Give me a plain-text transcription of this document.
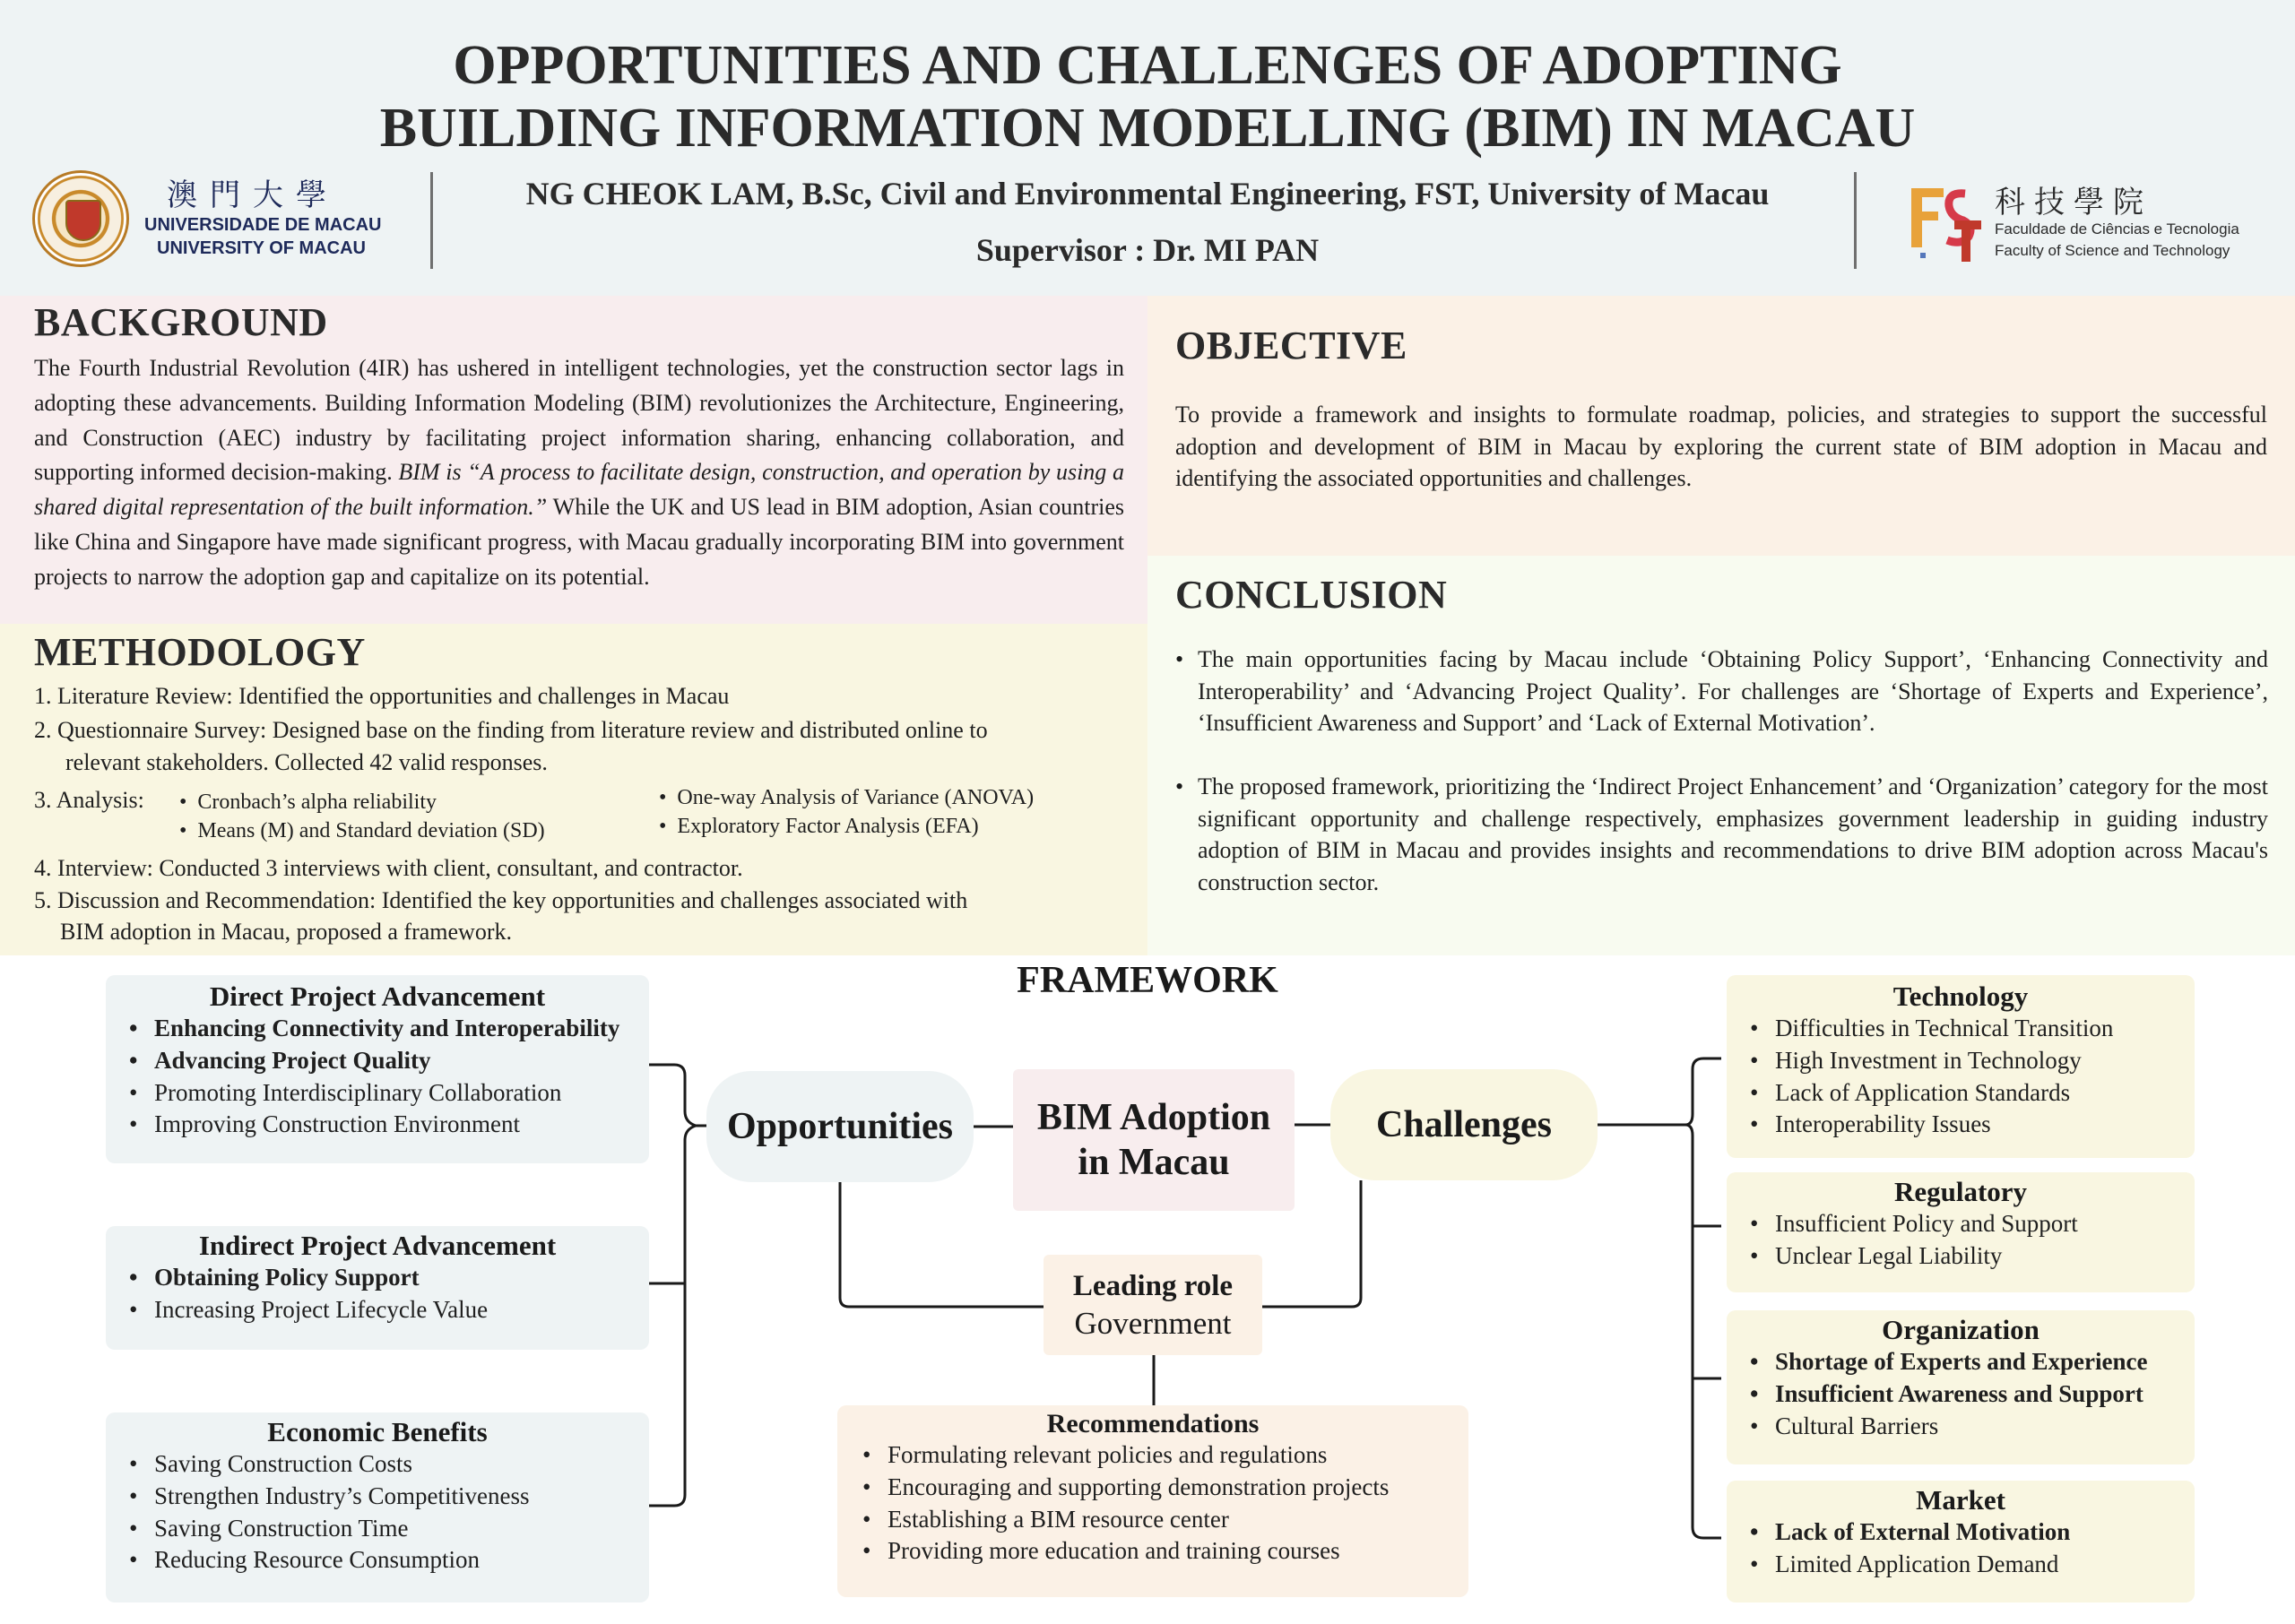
OPPORTUNITIES AND CHALLENGES OF ADOPTING
BUILDING INFORMATION MODELLING (BIM) IN MACAU
NG CHEOK LAM, B.Sc, Civil and Environmental Engineering, FST, University of Macau
Supervisor : Dr. MI PAN
澳門大學
UNIVERSIDADE DE MACAU
UNIVERSITY OF MACAU
科技學院
Faculdade de Ciências e Tecnologia
Faculty of Science and Technology
BACKGROUND
The Fourth Industrial Revolution (4IR) has ushered in intelligent technologies, yet the construction sector lags in adopting these advancements. Building Information Modeling (BIM) revolutionizes the Architecture, Engineering, and Construction (AEC) industry by facilitating project information sharing, enhancing collaboration, and supporting informed decision-making. BIM is “A process to facilitate design, construction, and operation by using a shared digital representation of the built information.” While the UK and US lead in BIM adoption, Asian countries like China and Singapore have made significant progress, with Macau gradually incorporating BIM into government projects to narrow the adoption gap and capitalize on its potential.
METHODOLOGY
1. Literature Review: Identified the opportunities and challenges in Macau
2. Questionnaire Survey: Designed base on the finding from literature review and distributed online to
relevant stakeholders. Collected 42 valid responses.
3. Analysis: •  Cronbach’s alpha reliability
•  Means (M) and Standard deviation (SD)
•  One-way Analysis of Variance (ANOVA)
•  Exploratory Factor Analysis (EFA)
4. Interview: Conducted 3 interviews with client, consultant, and contractor.
5. Discussion and Recommendation: Identified the key opportunities and challenges associated with
BIM adoption in Macau, proposed a framework.
OBJECTIVE
To provide a framework and insights to formulate roadmap, policies, and strategies to support the successful adoption and development of BIM in Macau by exploring the current state of BIM adoption in Macau and identifying the associated opportunities and challenges.
CONCLUSION
• The main opportunities facing by Macau include ‘Obtaining Policy Support’, ‘Enhancing Connectivity and Interoperability’ and ‘Advancing Project Quality’. For challenges are ‘Shortage of Experts and Experience’, ‘Insufficient Awareness and Support’ and ‘Lack of External Motivation’.
• The proposed framework, prioritizing the ‘Indirect Project Enhancement’ and ‘Organization’ category for the most significant opportunity and challenge respectively, emphasizes government leadership in guiding industry adoption of BIM in Macau and provides insights and recommendations to drive BIM adoption across Macau's construction sector.
FRAMEWORK
Direct Project Advancement
• Enhancing Connectivity and Interoperability
• Advancing Project Quality
• Promoting Interdisciplinary Collaboration
• Improving Construction Environment
Indirect Project Advancement
• Obtaining Policy Support
• Increasing Project Lifecycle Value
Economic Benefits
• Saving Construction Costs
• Strengthen Industry’s Competitiveness
• Saving Construction Time
• Reducing Resource Consumption
Opportunities	BIM Adoption
in Macau
Challenges
Leading role
Government
Recommendations
• Formulating relevant policies and regulations
• Encouraging and supporting demonstration projects
• Establishing a BIM resource center
• Providing more education and training courses
Technology
• Difficulties in Technical Transition
• High Investment in Technology
• Lack of Application Standards
• Interoperability Issues
Regulatory
• Insufficient Policy and Support
• Unclear Legal Liability
Organization
• Shortage of Experts and Experience
• Insufficient Awareness and Support
• Cultural Barriers
Market
• Lack of External Motivation
• Limited Application Demand
